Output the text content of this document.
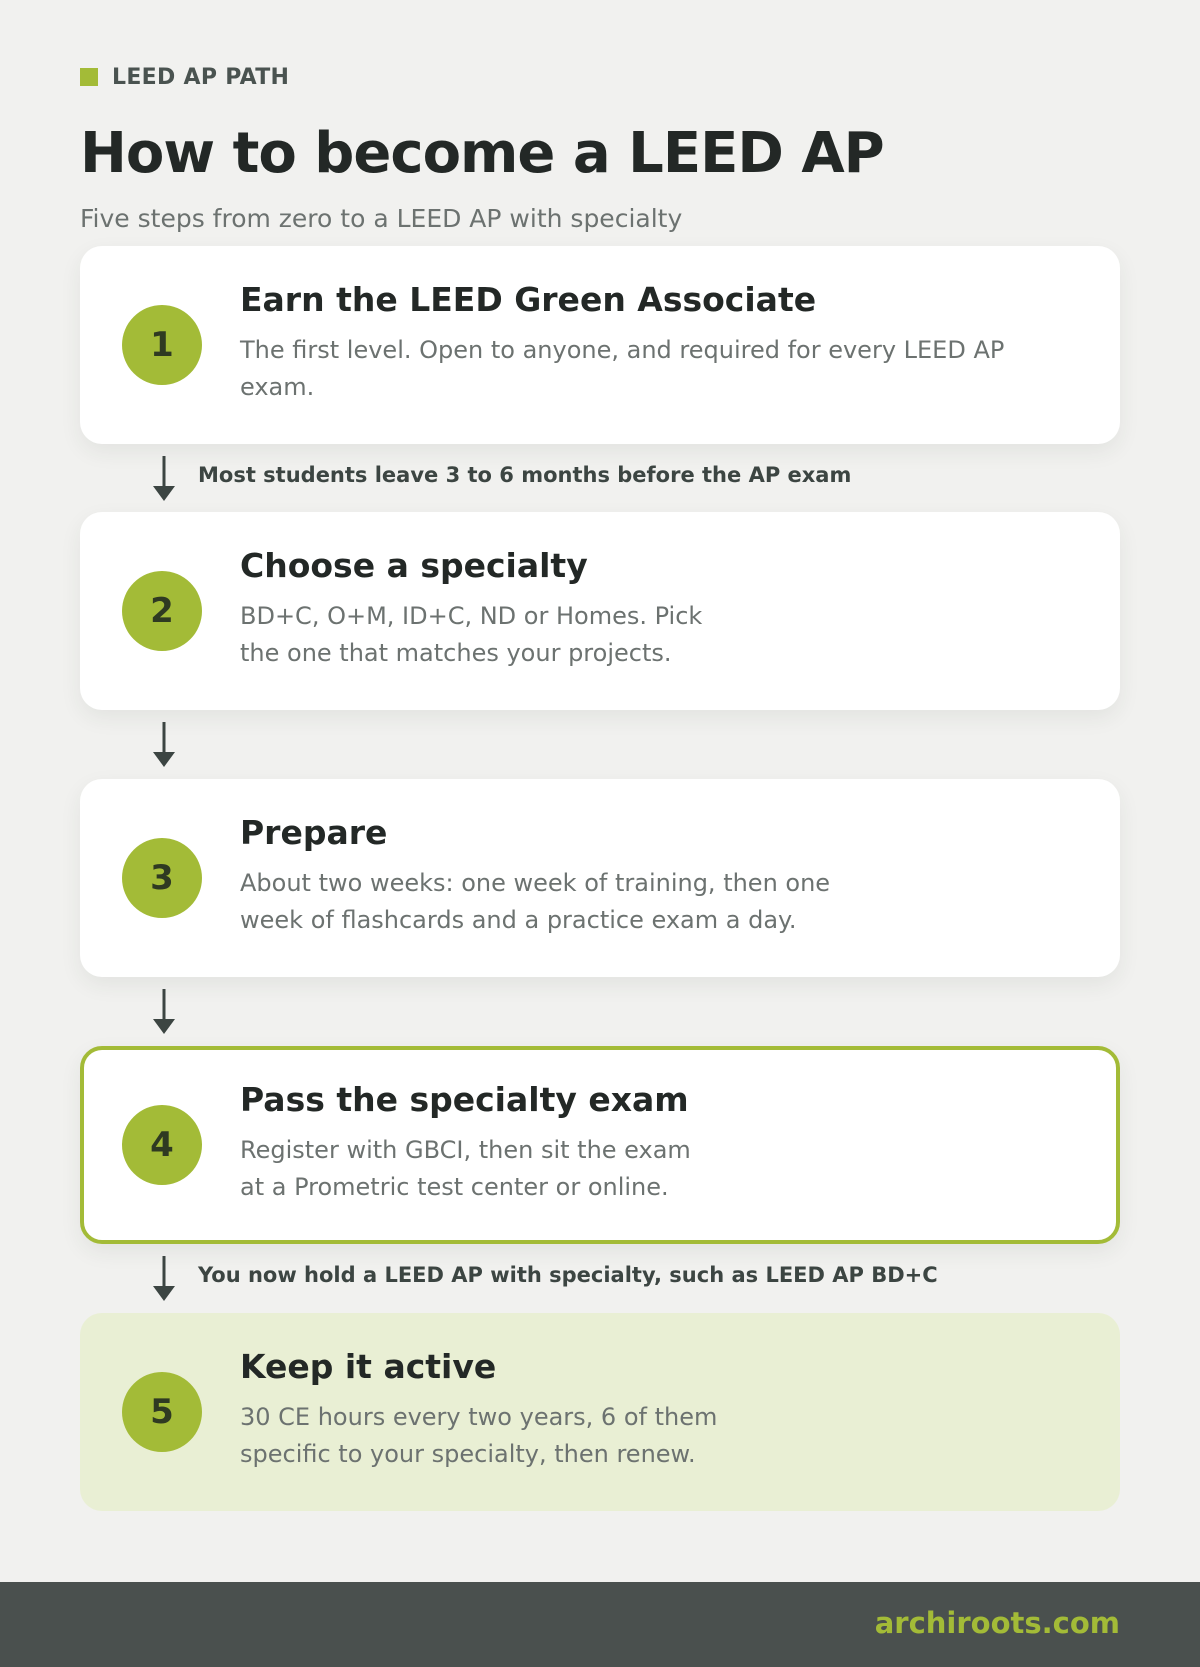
LEED AP PATH
How to become a LEED AP
Five steps from zero to a LEED AP with specialty
1
Earn the LEED Green Associate
The first level. Open to anyone, and required for every LEED AP exam.
Most students leave 3 to 6 months before the AP exam
2
Choose a specialty
BD+C, O+M, ID+C, ND or Homes. Pick
the one that matches your projects.
3
Prepare
About two weeks: one week of training, then one
week of flashcards and a practice exam a day.
4
Pass the specialty exam
Register with GBCI, then sit the exam
at a Prometric test center or online.
You now hold a LEED AP with specialty, such as LEED AP BD+C
5
Keep it active
30 CE hours every two years, 6 of them
specific to your specialty, then renew.
archiroots.com
